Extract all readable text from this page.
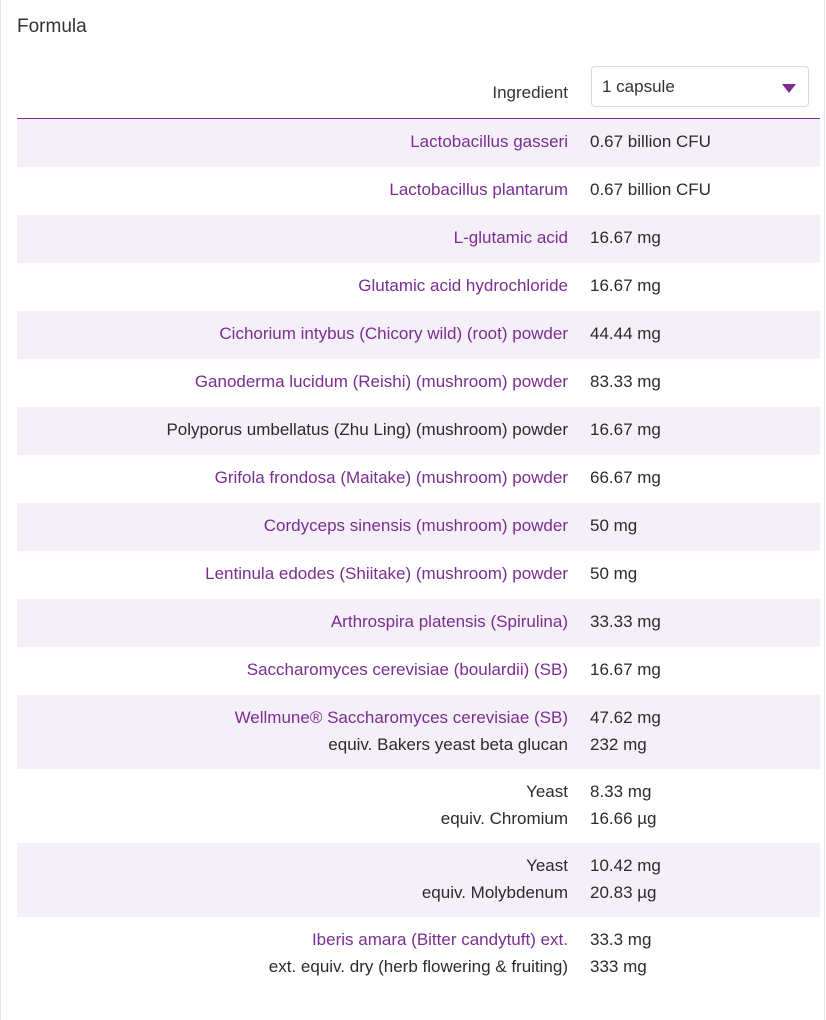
Formula
Ingredient 1 capsule
Lactobacillus gasseri 0.67 billion CFU
Lactobacillus plantarum 0.67 billion CFU
L-glutamic acid 16.67 mg
Glutamic acid hydrochloride 16.67 mg
Cichorium intybus (Chicory wild) (root) powder 44.44 mg
Ganoderma lucidum (Reishi) (mushroom) powder 83.33 mg
Polyporus umbellatus (Zhu Ling) (mushroom) powder 16.67 mg
Grifola frondosa (Maitake) (mushroom) powder 66.67 mg
Cordyceps sinensis (mushroom) powder 50 mg
Lentinula edodes (Shiitake) (mushroom) powder 50 mg
Arthrospira platensis (Spirulina) 33.33 mg
Saccharomyces cerevisiae (boulardii) (SB) 16.67 mg
Wellmune® Saccharomyces cerevisiae (SB) 47.62 mg
equiv. Bakers yeast beta glucan 232 mg
Yeast 8.33 mg
equiv. Chromium 16.66 µg
Yeast 10.42 mg
equiv. Molybdenum 20.83 µg
Iberis amara (Bitter candytuft) ext. 33.3 mg
ext. equiv. dry (herb flowering & fruiting) 333 mg
